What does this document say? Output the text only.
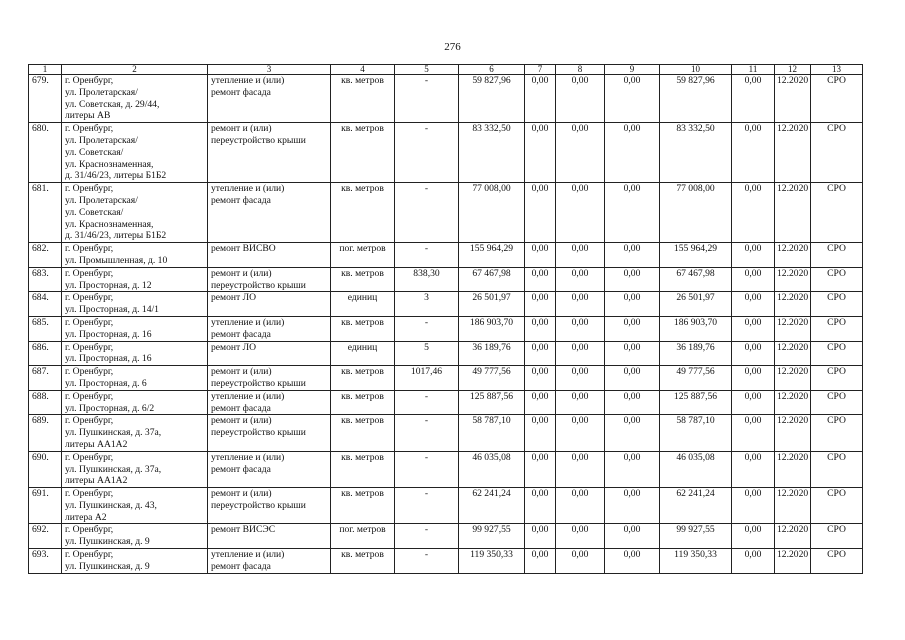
276
1	2	3	4	5	6	7	8	9	10	11	12	13
679.	г. Оренбург,
ул. Пролетарская/
ул. Советская, д. 29/44,
литеры АВ	утепление и (или)
ремонт фасада	кв. метров	-	59 827,96	0,00	0,00	0,00	59 827,96	0,00	12.2020	СРО
680.	г. Оренбург,
ул. Пролетарская/
ул. Советская/
ул. Краснознаменная,
д. 31/46/23, литеры Б1Б2	ремонт и (или)
переустройство крыши	кв. метров	-	83 332,50	0,00	0,00	0,00	83 332,50	0,00	12.2020	СРО
681.	г. Оренбург,
ул. Пролетарская/
ул. Советская/
ул. Краснознаменная,
д. 31/46/23, литеры Б1Б2	утепление и (или)
ремонт фасада	кв. метров	-	77 008,00	0,00	0,00	0,00	77 008,00	0,00	12.2020	СРО
682.	г. Оренбург,
ул. Промышленная, д. 10	ремонт ВИСВО	пог. метров	-	155 964,29	0,00	0,00	0,00	155 964,29	0,00	12.2020	СРО
683.	г. Оренбург,
ул. Просторная, д. 12	ремонт и (или)
переустройство крыши	кв. метров	838,30	67 467,98	0,00	0,00	0,00	67 467,98	0,00	12.2020	СРО
684.	г. Оренбург,
ул. Просторная, д. 14/1	ремонт ЛО	единиц	3	26 501,97	0,00	0,00	0,00	26 501,97	0,00	12.2020	СРО
685.	г. Оренбург,
ул. Просторная, д. 16	утепление и (или)
ремонт фасада	кв. метров	-	186 903,70	0,00	0,00	0,00	186 903,70	0,00	12.2020	СРО
686.	г. Оренбург,
ул. Просторная, д. 16	ремонт ЛО	единиц	5	36 189,76	0,00	0,00	0,00	36 189,76	0,00	12.2020	СРО
687.	г. Оренбург,
ул. Просторная, д. 6	ремонт и (или)
переустройство крыши	кв. метров	1017,46	49 777,56	0,00	0,00	0,00	49 777,56	0,00	12.2020	СРО
688.	г. Оренбург,
ул. Просторная, д. 6/2	утепление и (или)
ремонт фасада	кв. метров	-	125 887,56	0,00	0,00	0,00	125 887,56	0,00	12.2020	СРО
689.	г. Оренбург,
ул. Пушкинская, д. 37а,
литеры АА1А2	ремонт и (или)
переустройство крыши	кв. метров	-	58 787,10	0,00	0,00	0,00	58 787,10	0,00	12.2020	СРО
690.	г. Оренбург,
ул. Пушкинская, д. 37а,
литеры АА1А2	утепление и (или)
ремонт фасада	кв. метров	-	46 035,08	0,00	0,00	0,00	46 035,08	0,00	12.2020	СРО
691.	г. Оренбург,
ул. Пушкинская, д. 43,
литера А2	ремонт и (или)
переустройство крыши	кв. метров	-	62 241,24	0,00	0,00	0,00	62 241,24	0,00	12.2020	СРО
692.	г. Оренбург,
ул. Пушкинская, д. 9	ремонт ВИСЭС	пог. метров	-	99 927,55	0,00	0,00	0,00	99 927,55	0,00	12.2020	СРО
693.	г. Оренбург,
ул. Пушкинская, д. 9	утепление и (или)
ремонт фасада	кв. метров	-	119 350,33	0,00	0,00	0,00	119 350,33	0,00	12.2020	СРО
